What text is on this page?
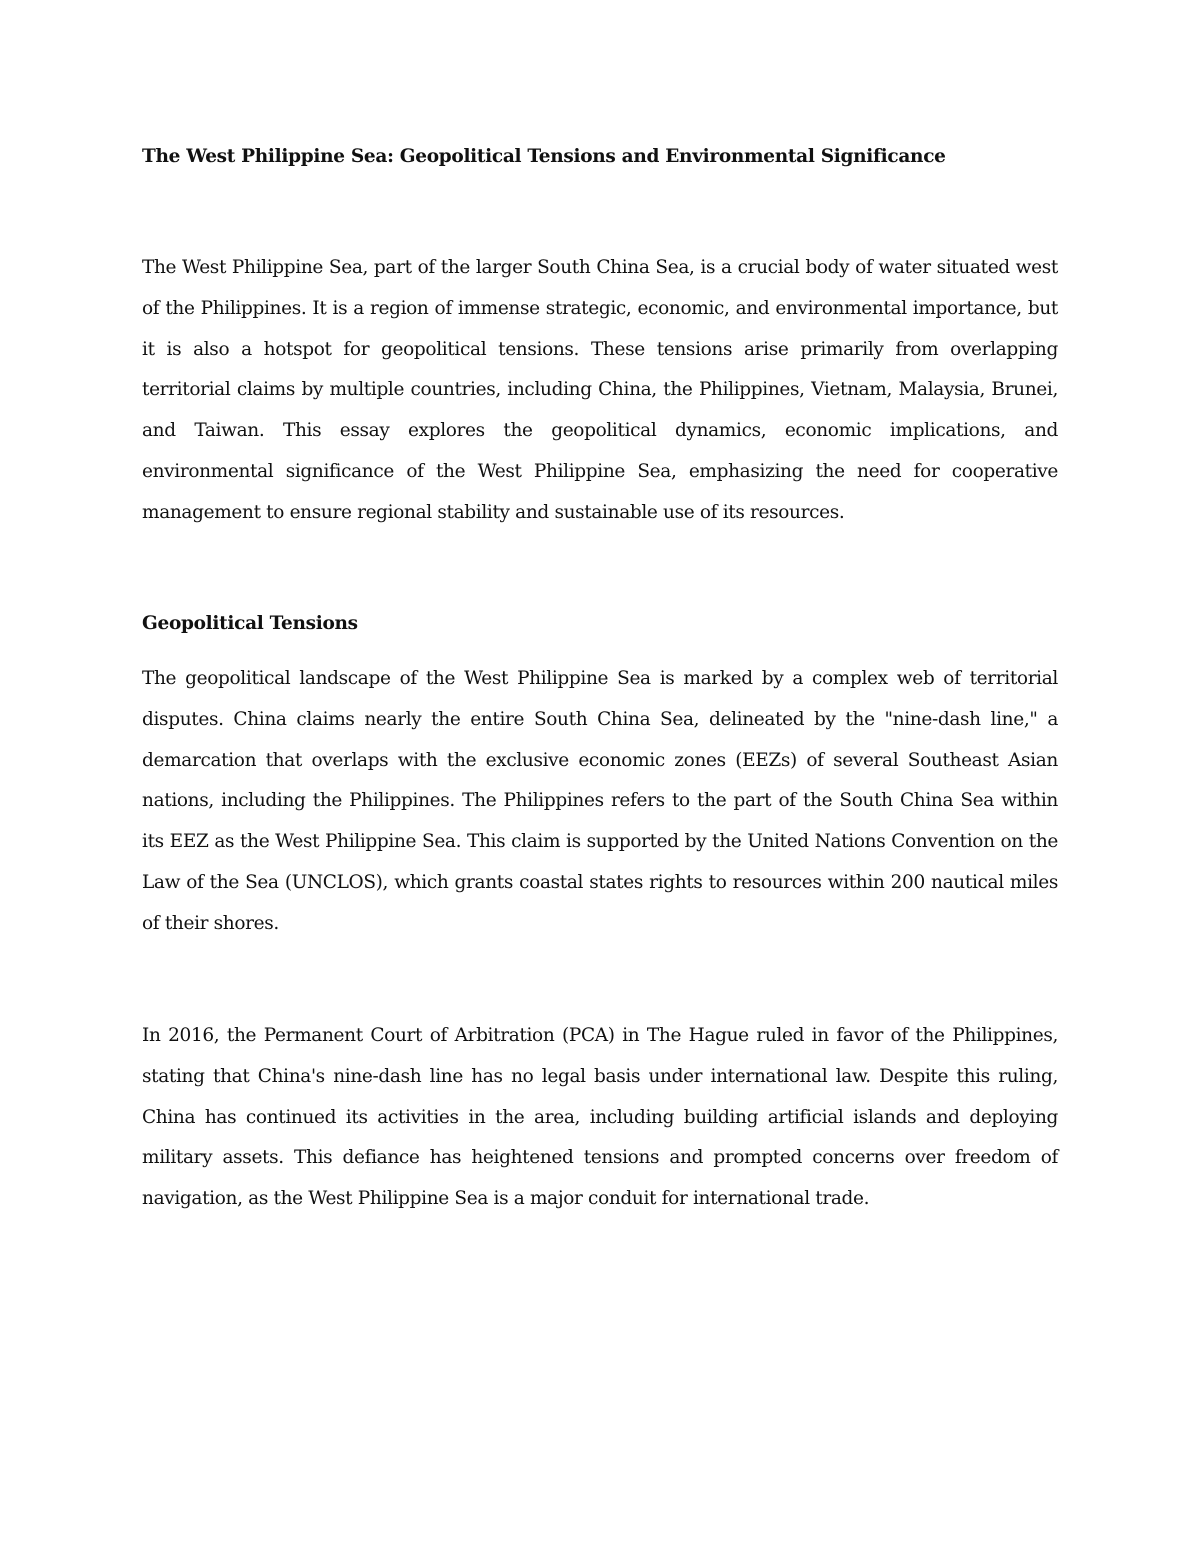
The West Philippine Sea: Geopolitical Tensions and Environmental Significance

The West Philippine Sea, part of the larger South China Sea, is a crucial body of water situated west of the Philippines. It is a region of immense strategic, economic, and environmental importance, but it is also a hotspot for geopolitical tensions. These tensions arise primarily from overlapping territorial claims by multiple countries, including China, the Philippines, Vietnam, Malaysia, Brunei, and Taiwan. This essay explores the geopolitical dynamics, economic implications, and environmental significance of the West Philippine Sea, emphasizing the need for cooperative management to ensure regional stability and sustainable use of its resources.

Geopolitical Tensions

The geopolitical landscape of the West Philippine Sea is marked by a complex web of territorial disputes. China claims nearly the entire South China Sea, delineated by the "nine-dash line," a demarcation that overlaps with the exclusive economic zones (EEZs) of several Southeast Asian nations, including the Philippines. The Philippines refers to the part of the South China Sea within its EEZ as the West Philippine Sea. This claim is supported by the United Nations Convention on the Law of the Sea (UNCLOS), which grants coastal states rights to resources within 200 nautical miles of their shores.

In 2016, the Permanent Court of Arbitration (PCA) in The Hague ruled in favor of the Philippines, stating that China's nine-dash line has no legal basis under international law. Despite this ruling, China has continued its activities in the area, including building artificial islands and deploying military assets. This defiance has heightened tensions and prompted concerns over freedom of navigation, as the West Philippine Sea is a major conduit for international trade.
